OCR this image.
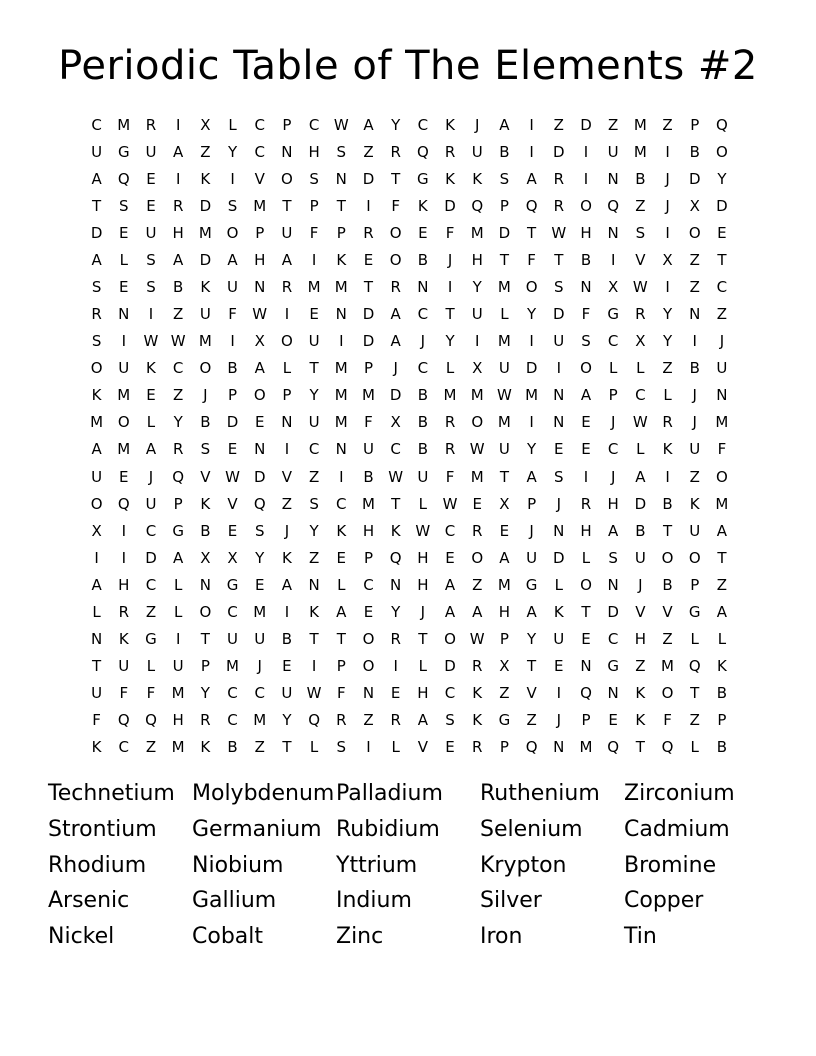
Periodic Table of The Elements #2
C	M	R	I	X	L	C	P	C W A	Y	C	K	J	A	I	Z	D	Z	M	Z	P	Q
U	G	U	A	Z	Y	C	N	H	S	Z	R	Q	R	U	B	I	D	I	U	M	I	B	O
A	Q	E	I	K	I	V	O	S	N	D	T	G	K	K	S	A	R	I	N	B	J	D	Y
T	S	E	R	D	S	M	T	P	T	I	F	K	D	Q	P	Q	R	O	Q	Z	J	X	D
D	E	U	H	M O	P	U	F	P	R	O	E	F	M D	T	W H	N	S	I	O	E
A	L	S	A	D	A	H	A	I	K	E	O	B	J	H	T	F	T	B	I	V	X	Z	T
S	E	S	B	K	U	N	R	M M	T	R	N	I	Y	M O	S	N	X W	I	Z	C
R	N	I	Z	U	F	W	I	E	N	D	A	C	T	U	L	Y	D	F	G	R	Y	N	Z
S	I	W W M	I	X	O	U	I	D	A	J	Y	I	M	I	U	S	C	X	Y	I	J
O	U	K	C	O	B	A	L	T	M	P	J	C	L	X	U	D	I	O	L	L	Z	B	U
K	M	E	Z	J	P	O	P	Y	M M D	B	M M W M	N	A	P	C	L	J	N
M O	L	Y	B	D	E	N	U	M	F	X	B	R	O M	I	N	E	J	W R	J	M
A	M	A	R	S	E	N	I	C	N	U	C	B	R W U	Y	E	E	C	L	K	U	F
U	E	J	Q	V W D	V	Z	I	B W U	F	M	T	A	S	I	J	A	I	Z	O
O	Q	U	P	K	V	Q	Z	S	C	M	T	L	W	E	X	P	J	R	H	D	B	K	M
X	I	C	G	B	E	S	J	Y	K	H	K W C	R	E	J	N	H	A	B	T	U	A
I	I	D	A	X	X	Y	K	Z	E	P	Q	H	E	O	A	U	D	L	S	U	O	O	T
A	H	C	L	N	G	E	A	N	L	C	N	H	A	Z	M G	L	O	N	J	B	P	Z
L	R	Z	L	O	C	M	I	K	A	E	Y	J	A	A	H	A	K	T	D	V	V	G	A
N	K	G	I	T	U	U	B	T	T	O	R	T	O W	P	Y	U	E	C	H	Z	L	L
T	U	L	U	P	M	J	E	I	P	O	I	L	D	R	X	T	E	N	G	Z	M Q	K
U	F	F	M	Y	C	C	U W	F	N	E	H	C	K	Z	V	I	Q	N	K	O	T	B
F	Q	Q	H	R	C	M	Y	Q	R	Z	R	A	S	K	G	Z	J	P	E	K	F	Z	P
K	C	Z	M	K	B	Z	T	L	S	I	L	V	E	R	P	Q	N	M Q	T	Q	L	B
Technetium Molybdenum Palladium	Ruthenium	Zirconium
Strontium	Germanium Rubidium	Selenium	Cadmium
Rhodium	Niobium	Yttrium	Krypton	Bromine
Arsenic	Gallium	Indium	Silver	Copper
Nickel	Cobalt	Zinc	Iron	Tin
